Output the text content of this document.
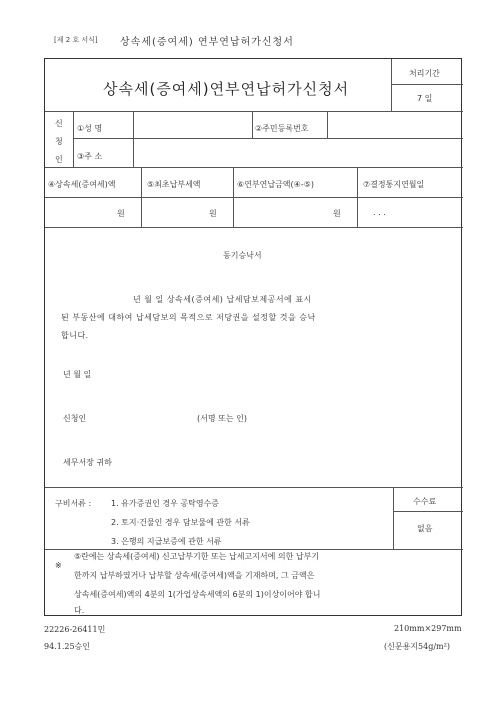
[제 2 호 서식] 상속세(증여세) 연부연납허가신청서
상속세(증여세)연부연납허가신청서
처리기간
7 일
신
청
인
①성 명	②주민등록번호
③주 소
④상속세(증여세)액	⑤최초납부세액	⑥연부연납금액(④-⑤)	⑦결정통지연월일
원	원	원	. . .
동기승낙서
년 월 일 상속세(증여세) 납세담보제공서에 표시
된 부동산에 대하여 납세담보의 목적으로 저당권을 설정할 것을 승낙
합니다.
년 월 일
신청인	(서명 또는 인)
세무서장 귀하
구비서류 : 1. 유가증권인 경우 공탁영수증
2. 토지·건물인 경우 담보물에 관한 서류
3. 은행의 지급보증에 관한 서류
수수료
없음
※
⑤란에는 상속세(증여세) 신고납부기한 또는 납세고지서에 의한 납부기
한까지 납부하였거나 납부할 상속세(증여세)액을 기재하며, 그 금액은
상속세(증여세)액의 4분의 1(가업상속세액의 6분의 1)이상이어야 합니
다.
22226-26411민
94.1.25승인
210mm×297mm
(신문용지54g/m²)
